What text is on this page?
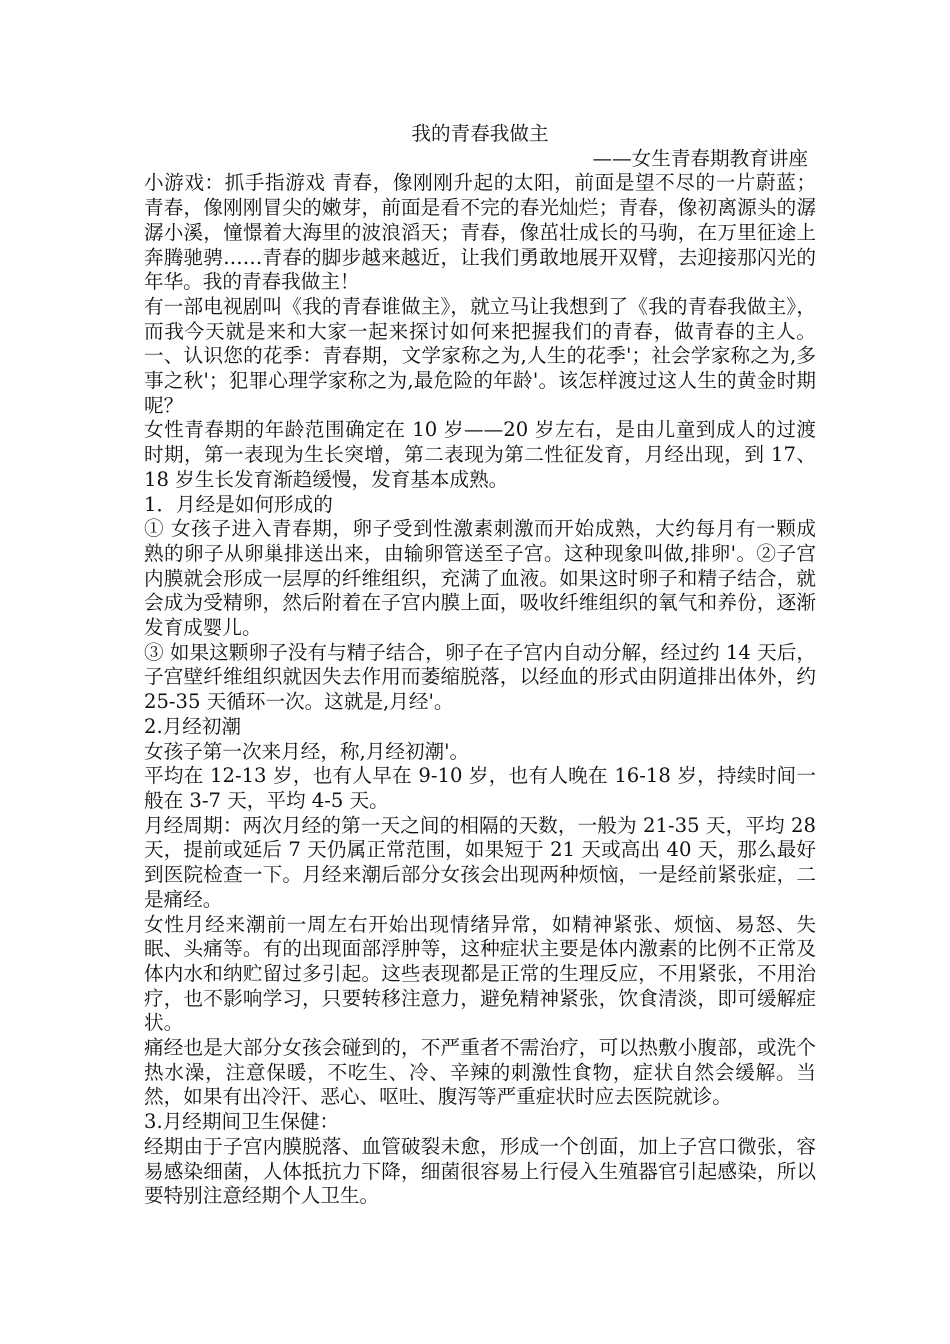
我的青春我做主

——女生青春期教育讲座

小游戏：抓手指游戏 青春，像刚刚升起的太阳，前面是望不尽的一片蔚蓝；青春，像刚刚冒尖的嫩芽，前面是看不完的春光灿烂；青春，像初离源头的潺潺小溪，憧憬着大海里的波浪滔天；青春，像茁壮成长的马驹，在万里征途上奔腾驰骋……青春的脚步越来越近，让我们勇敢地展开双臂，去迎接那闪光的年华。我的青春我做主！

有一部电视剧叫《我的青春谁做主》，就立马让我想到了《我的青春我做主》，而我今天就是来和大家一起来探讨如何来把握我们的青春，做青春的主人。一、认识您的花季：青春期，文学家称之为,人生的花季'；社会学家称之为,多事之秋'；犯罪心理学家称之为,最危险的年龄'。该怎样渡过这人生的黄金时期呢？

女性青春期的年龄范围确定在 10 岁——20 岁左右，是由儿童到成人的过渡时期，第一表现为生长突增，第二表现为第二性征发育，月经出现，到 17、18 岁生长发育渐趋缓慢，发育基本成熟。

1．月经是如何形成的

① 女孩子进入青春期，卵子受到性激素刺激而开始成熟，大约每月有一颗成熟的卵子从卵巢排送出来，由输卵管送至子宫。这种现象叫做,排卵'。②子宫内膜就会形成一层厚的纤维组织，充满了血液。如果这时卵子和精子结合，就会成为受精卵，然后附着在子宫内膜上面，吸收纤维组织的氧气和养份，逐渐发育成婴儿。

③ 如果这颗卵子没有与精子结合，卵子在子宫内自动分解，经过约 14 天后，子宫壁纤维组织就因失去作用而萎缩脱落，以经血的形式由阴道排出体外，约 25-35 天循环一次。这就是,月经'。

2.月经初潮

女孩子第一次来月经，称,月经初潮'。

平均在 12-13 岁，也有人早在 9-10 岁，也有人晚在 16-18 岁，持续时间一般在 3-7 天，平均 4-5 天。

月经周期：两次月经的第一天之间的相隔的天数，一般为 21-35 天，平均 28 天，提前或延后 7 天仍属正常范围，如果短于 21 天或高出 40 天，那么最好到医院检查一下。月经来潮后部分女孩会出现两种烦恼，一是经前紧张症，二是痛经。

女性月经来潮前一周左右开始出现情绪异常，如精神紧张、烦恼、易怒、失眠、头痛等。有的出现面部浮肿等，这种症状主要是体内激素的比例不正常及体内水和纳贮留过多引起。这些表现都是正常的生理反应，不用紧张，不用治疗，也不影响学习，只要转移注意力，避免精神紧张，饮食清淡，即可缓解症状。

痛经也是大部分女孩会碰到的，不严重者不需治疗，可以热敷小腹部，或洗个热水澡，注意保暖，不吃生、冷、辛辣的刺激性食物，症状自然会缓解。当然，如果有出冷汗、恶心、呕吐、腹泻等严重症状时应去医院就诊。

3.月经期间卫生保健：

经期由于子宫内膜脱落、血管破裂未愈，形成一个创面，加上子宫口微张，容易感染细菌，人体抵抗力下降，细菌很容易上行侵入生殖器官引起感染，所以要特别注意经期个人卫生。
